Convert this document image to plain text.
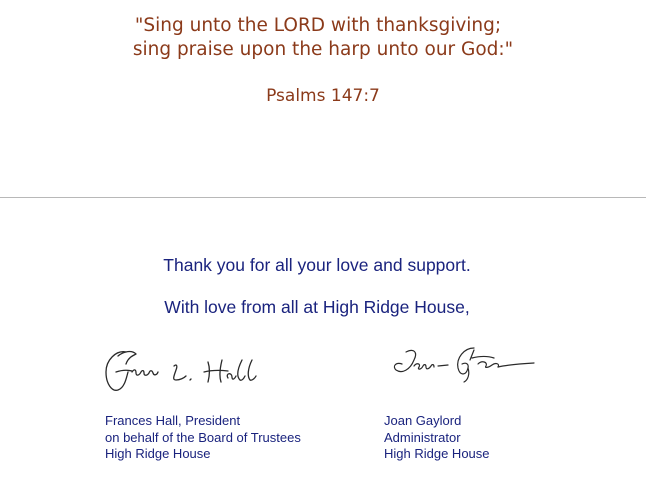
"Sing unto the LORD with thanksgiving;
sing praise upon the harp unto our God:"
Psalms 147:7
Thank you for all your love and support.
With love from all at High Ridge House,
Frances Hall, President
on behalf of the Board of Trustees
High Ridge House
Joan Gaylord
Administrator
High Ridge House
